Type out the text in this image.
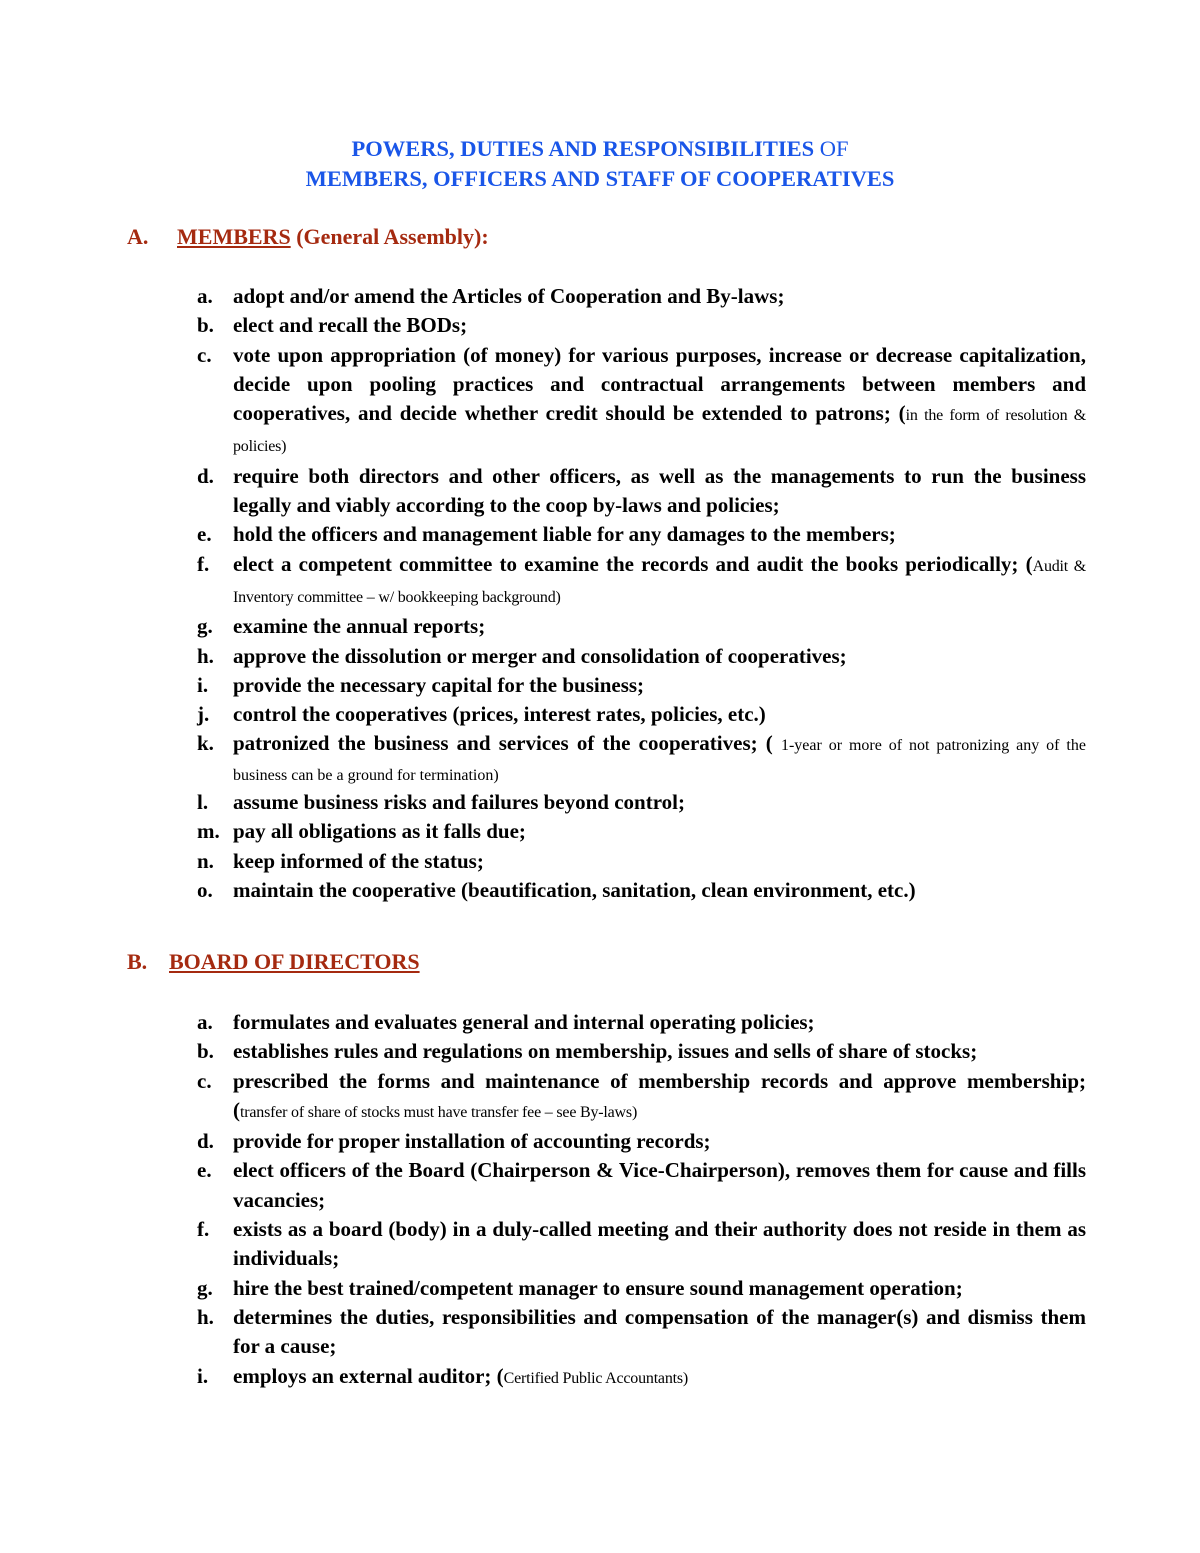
POWERS, DUTIES AND RESPONSIBILITIES OF
MEMBERS, OFFICERS AND STAFF OF COOPERATIVES
A. MEMBERS (General Assembly):
a. adopt and/or amend the Articles of Cooperation and By-laws;
b. elect and recall the BODs;
c. vote upon appropriation (of money) for various purposes, increase or decrease capitalization, decide upon pooling practices and contractual arrangements between members and cooperatives, and decide whether credit should be extended to patrons; (in the form of resolution & policies)
d. require both directors and other officers, as well as the managements to run the business legally and viably according to the coop by-laws and policies;
e. hold the officers and management liable for any damages to the members;
f. elect a competent committee to examine the records and audit the books periodically; (Audit & Inventory committee – w/ bookkeeping background)
g. examine the annual reports;
h. approve the dissolution or merger and consolidation of cooperatives;
i. provide the necessary capital for the business;
j. control the cooperatives (prices, interest rates, policies, etc.)
k. patronized the business and services of the cooperatives; ( 1-year or more of not patronizing any of the business can be a ground for termination)
l. assume business risks and failures beyond control;
m. pay all obligations as it falls due;
n. keep informed of the status;
o. maintain the cooperative (beautification, sanitation, clean environment, etc.)
B. BOARD OF DIRECTORS
a. formulates and evaluates general and internal operating policies;
b. establishes rules and regulations on membership, issues and sells of share of stocks;
c. prescribed the forms and maintenance of membership records and approve membership; (transfer of share of stocks must have transfer fee – see By-laws)
d. provide for proper installation of accounting records;
e. elect officers of the Board (Chairperson & Vice-Chairperson), removes them for cause and fills vacancies;
f. exists as a board (body) in a duly-called meeting and their authority does not reside in them as individuals;
g. hire the best trained/competent manager to ensure sound management operation;
h. determines the duties, responsibilities and compensation of the manager(s) and dismiss them for a cause;
i. employs an external auditor; (Certified Public Accountants)
